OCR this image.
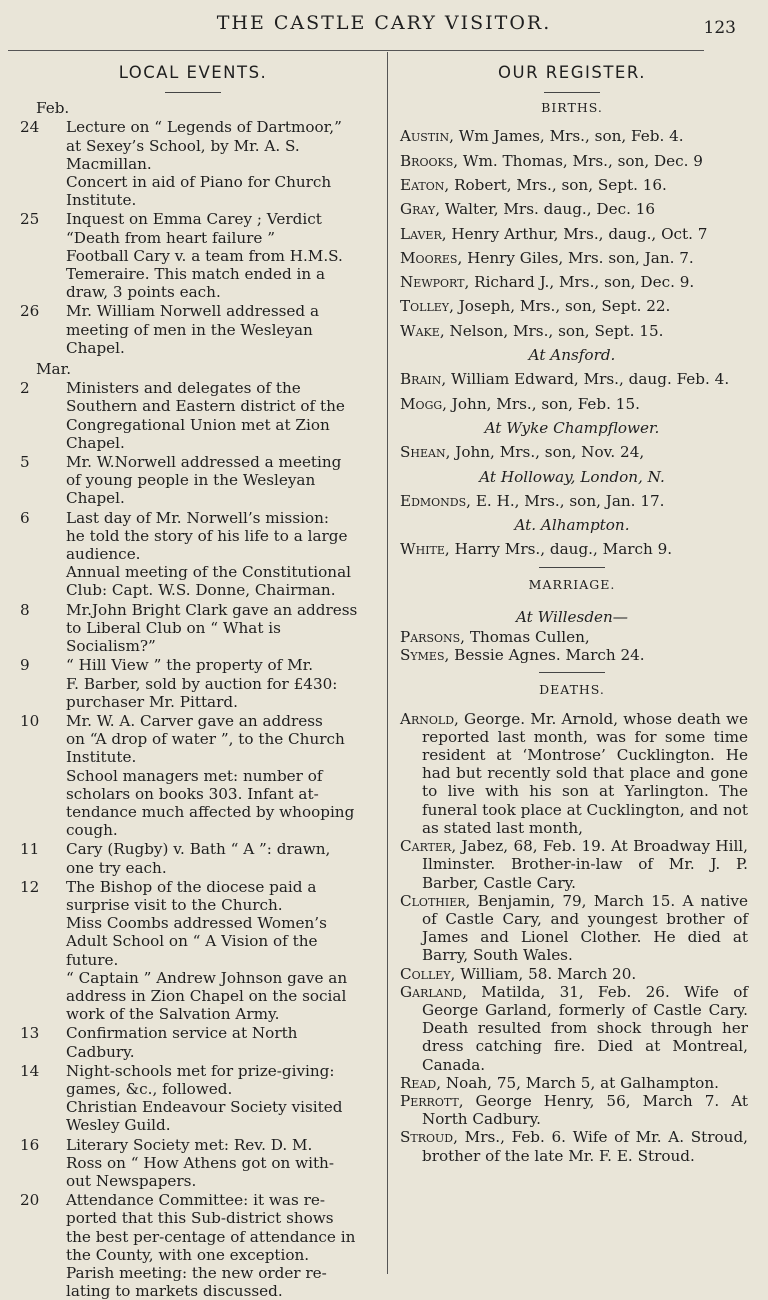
THE CASTLE CARY VISITOR.	123
LOCAL EVENTS.
Feb.
24	Lecture on “ Legends of Dartmoor,”
at Sexey’s School, by Mr. A. S.
Macmillan.
Concert in aid of Piano for Church
Institute.
25	Inquest on Emma Carey ; Verdict
“Death from heart failure ”
Football Cary v. a team from H.M.S.
Temeraire. This match ended in a
draw, 3 points each.
26	Mr. William Norwell addressed a
meeting of men in the Wesleyan
Chapel.
Mar.
2	Ministers and delegates of the
Southern and Eastern district of the
Congregational Union met at Zion
Chapel.
5	Mr. W.Norwell addressed a meeting
of young people in the Wesleyan
Chapel.
6	Last day of Mr. Norwell’s mission:
he told the story of his life to a large
audience.
Annual meeting of the Constitutional
Club: Capt. W.S. Donne, Chairman.
8	Mr.John Bright Clark gave an address
to Liberal Club on “ What is
Socialism?”
9	“ Hill View ” the property of Mr.
F. Barber, sold by auction for £430:
purchaser Mr. Pittard.
10	Mr. W. A. Carver gave an address
on “A drop of water ”, to the Church
Institute.
School managers met: number of
scholars on books 303. Infant at-
tendance much affected by whooping
cough.
11	Cary (Rugby) v. Bath “ A ”: drawn,
one try each.
12	The Bishop of the diocese paid a
surprise visit to the Church.
Miss Coombs addressed Women’s
Adult School on “ A Vision of the
future.
“ Captain ” Andrew Johnson gave an
address in Zion Chapel on the social
work of the Salvation Army.
13	Confirmation service at North
Cadbury.
14	Night-schools met for prize-giving:
games, &c., followed.
Christian Endeavour Society visited
Wesley Guild.
16	Literary Society met: Rev. D. M.
Ross on “ How Athens got on with-
out Newspapers.
20	Attendance Committee: it was re-
ported that this Sub-district shows
the best per-centage of attendance in
the County, with one exception.
Parish meeting: the new order re-
lating to markets discussed.
OUR REGISTER.
BIRTHS.
Austin, Wm James, Mrs., son, Feb. 4.
Brooks, Wm. Thomas, Mrs., son, Dec. 9
Eaton, Robert, Mrs., son, Sept. 16.
Gray, Walter, Mrs. daug., Dec. 16
Laver, Henry Arthur, Mrs., daug., Oct. 7
Moores, Henry Giles, Mrs. son, Jan. 7.
Newport, Richard J., Mrs., son, Dec. 9.
Tolley, Joseph, Mrs., son, Sept. 22.
Wake, Nelson, Mrs., son, Sept. 15.
At Ansford.
Brain, William Edward, Mrs., daug. Feb. 4.
Mogg, John, Mrs., son, Feb. 15.
At Wyke Champflower.
Shean, John, Mrs., son, Nov. 24,
At Holloway, London, N.
Edmonds, E. H., Mrs., son, Jan. 17.
At. Alhampton.
White, Harry Mrs., daug., March 9.
MARRIAGE.
At Willesden—
Parsons, Thomas Cullen,
Symes, Bessie Agnes. March 24.
DEATHS.
Arnold, George. Mr. Arnold, whose death we reported last month, was for some time resident at ‘Montrose’ Cucklington. He had but recently sold that place and gone to live with his son at Yarlington. The funeral took place at Cucklington, and not as stated last month,
Carter, Jabez, 68, Feb. 19. At Broadway Hill, Ilminster. Brother-in-law of Mr. J. P. Barber, Castle Cary.
Clothier, Benjamin, 79, March 15. A native of Castle Cary, and youngest brother of James and Lionel Clother. He died at Barry, South Wales.
Colley, William, 58. March 20.
Garland, Matilda, 31, Feb. 26. Wife of George Garland, formerly of Castle Cary. Death resulted from shock through her dress catching fire. Died at Montreal, Canada.
Read, Noah, 75, March 5, at Galhampton.
Perrott, George Henry, 56, March 7. At North Cadbury.
Stroud, Mrs., Feb. 6. Wife of Mr. A. Stroud, brother of the late Mr. F. E. Stroud.
